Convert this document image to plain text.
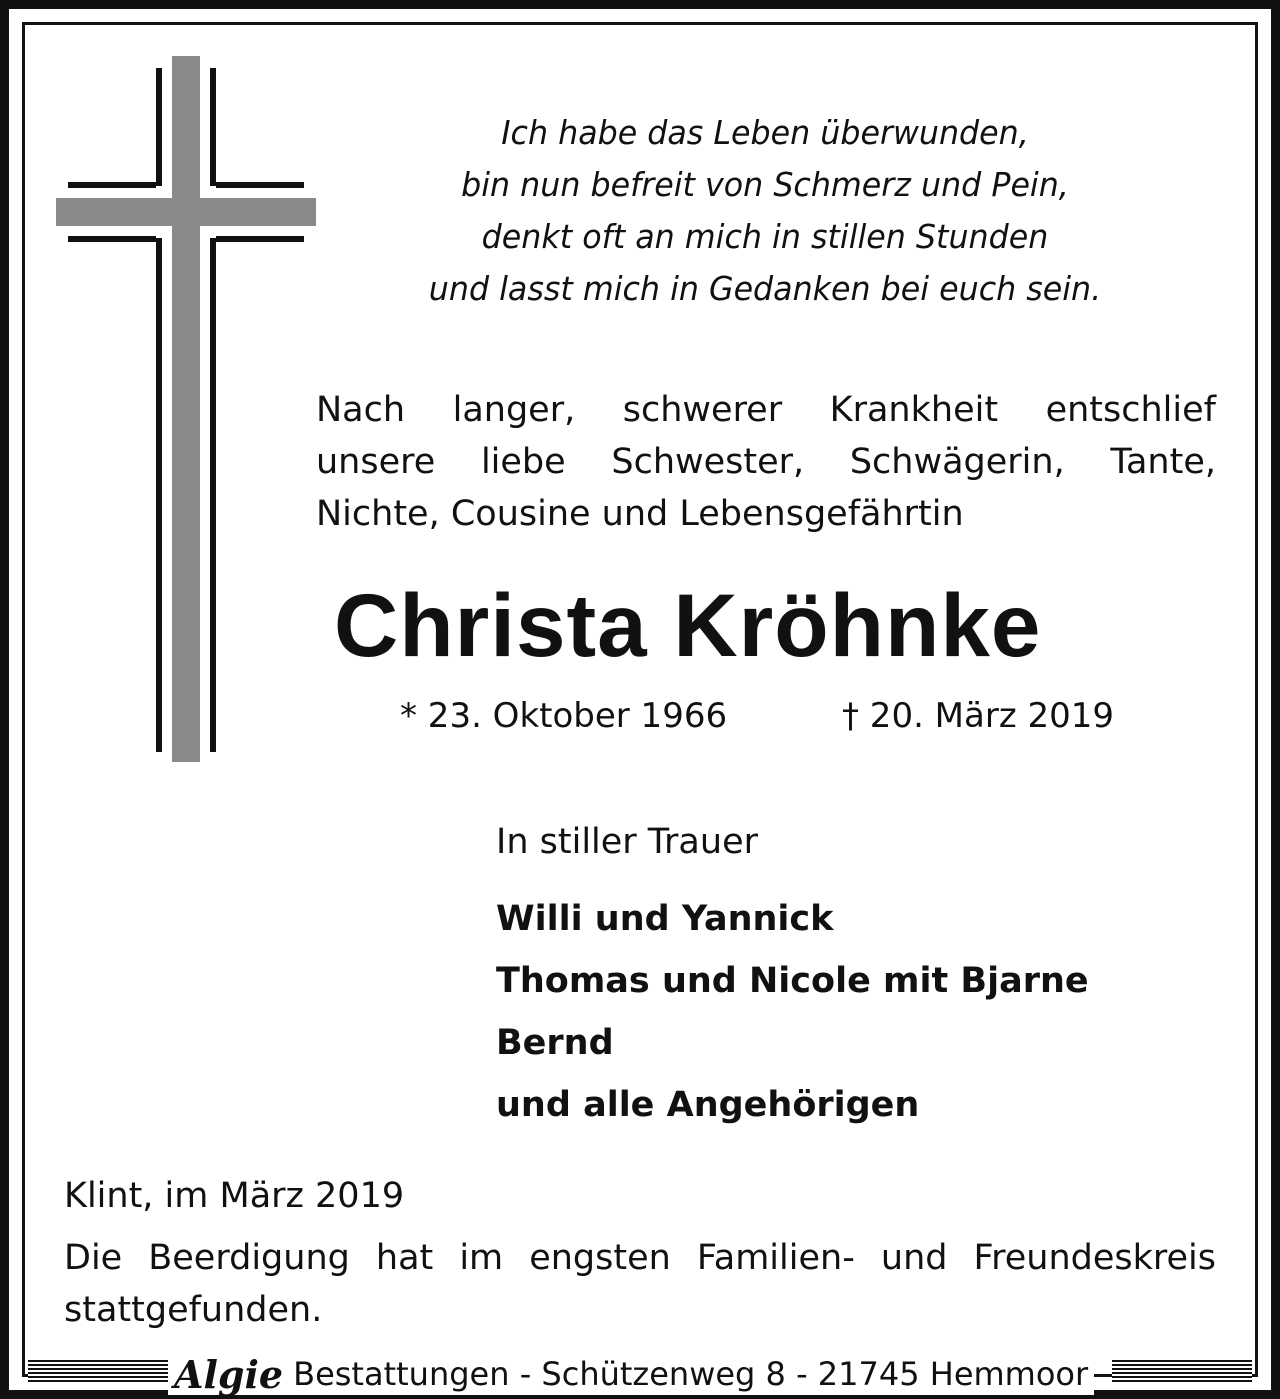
Ich habe das Leben überwunden,
bin nun befreit von Schmerz und Pein,
denkt oft an mich in stillen Stunden
und lasst mich in Gedanken bei euch sein.
Nach langer, schwerer Krankheit entschlief
unsere liebe Schwester, Schwägerin, Tante,
Nichte, Cousine und Lebensgefährtin
Christa Kröhnke
* 23. Oktober 1966	† 20. März 2019
In stiller Trauer
Willi und Yannick
Thomas und Nicole mit Bjarne
Bernd
und alle Angehörigen
Klint, im März 2019
Die Beerdigung hat im engsten Familien- und Freundeskreis
stattgefunden.
Algie Bestattungen - Schützenweg 8 - 21745 Hemmoor
